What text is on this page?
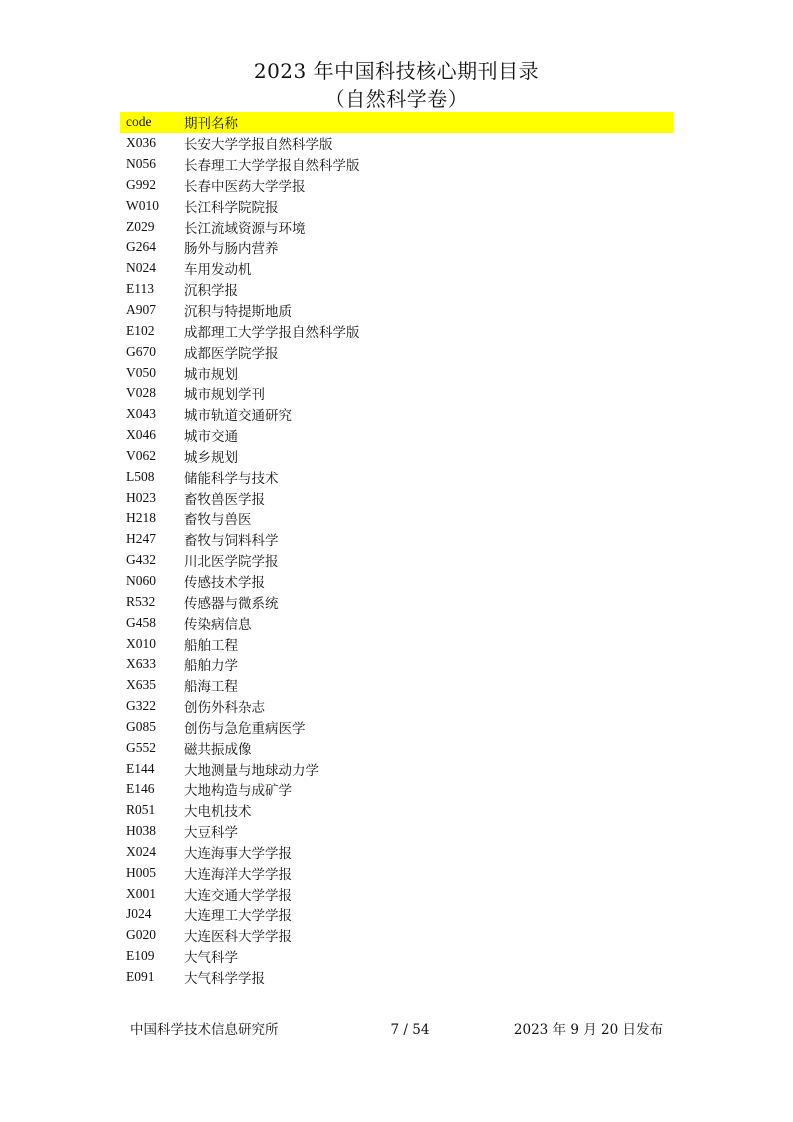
2023 年中国科技核心期刊目录
（自然科学卷）
code	期刊名称
X036	长安大学学报自然科学版
N056	长春理工大学学报自然科学版
G992	长春中医药大学学报
W010	长江科学院院报
Z029	长江流域资源与环境
G264	肠外与肠内营养
N024	车用发动机
E113	沉积学报
A907	沉积与特提斯地质
E102	成都理工大学学报自然科学版
G670	成都医学院学报
V050	城市规划
V028	城市规划学刊
X043	城市轨道交通研究
X046	城市交通
V062	城乡规划
L508	储能科学与技术
H023	畜牧兽医学报
H218	畜牧与兽医
H247	畜牧与饲料科学
G432	川北医学院学报
N060	传感技术学报
R532	传感器与微系统
G458	传染病信息
X010	船舶工程
X633	船舶力学
X635	船海工程
G322	创伤外科杂志
G085	创伤与急危重病医学
G552	磁共振成像
E144	大地测量与地球动力学
E146	大地构造与成矿学
R051	大电机技术
H038	大豆科学
X024	大连海事大学学报
H005	大连海洋大学学报
X001	大连交通大学学报
J024	大连理工大学学报
G020	大连医科大学学报
E109	大气科学
E091	大气科学学报
中国科学技术信息研究所	7 / 54	2023 年 9 月 20 日发布
